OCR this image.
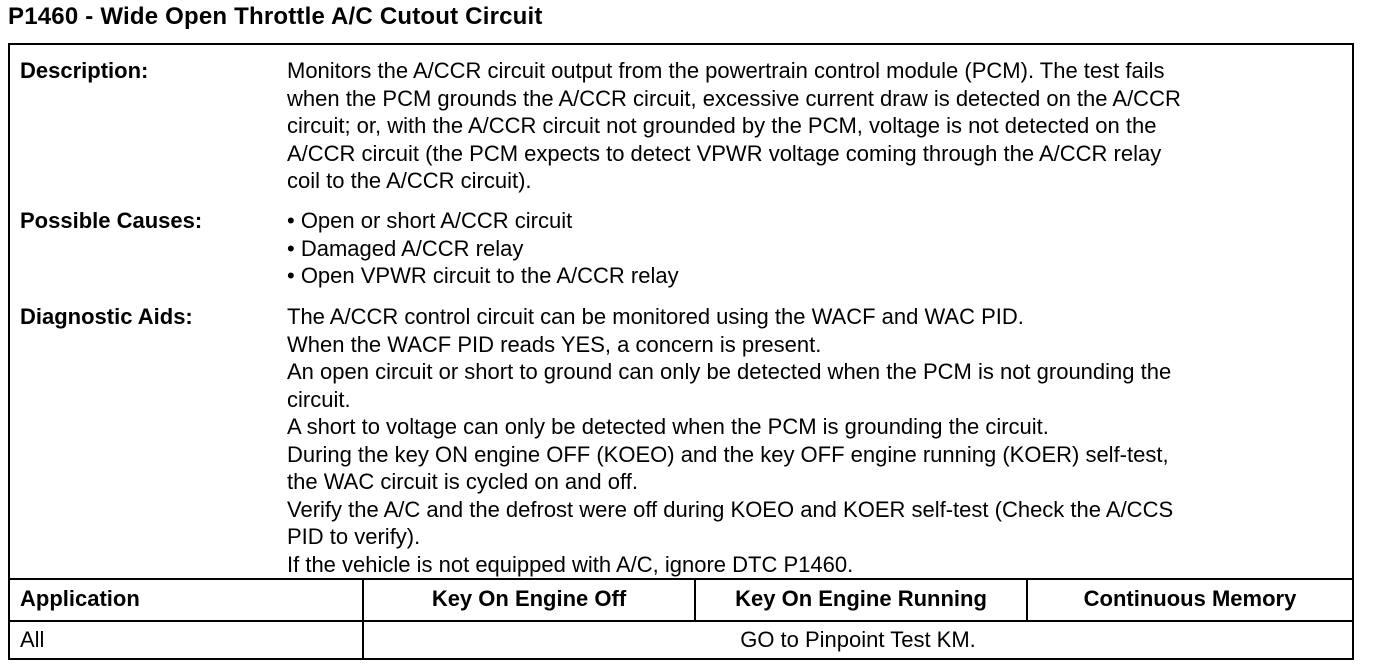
P1460 - Wide Open Throttle A/C Cutout Circuit
Description:	Monitors the A/CCR circuit output from the powertrain control module (PCM). The test fails
when the PCM grounds the A/CCR circuit, excessive current draw is detected on the A/CCR
circuit; or, with the A/CCR circuit not grounded by the PCM, voltage is not detected on the
A/CCR circuit (the PCM expects to detect VPWR voltage coming through the A/CCR relay
coil to the A/CCR circuit).
Possible Causes:	• Open or short A/CCR circuit
• Damaged A/CCR relay
• Open VPWR circuit to the A/CCR relay
Diagnostic Aids:	The A/CCR control circuit can be monitored using the WACF and WAC PID.
When the WACF PID reads YES, a concern is present.
An open circuit or short to ground can only be detected when the PCM is not grounding the
circuit.
A short to voltage can only be detected when the PCM is grounding the circuit.
During the key ON engine OFF (KOEO) and the key OFF engine running (KOER) self-test,
the WAC circuit is cycled on and off.
Verify the A/C and the defrost were off during KOEO and KOER self-test (Check the A/CCS
PID to verify).
If the vehicle is not equipped with A/C, ignore DTC P1460.
Application	Key On Engine Off	Key On Engine Running	Continuous Memory
All	GO to Pinpoint Test KM.
